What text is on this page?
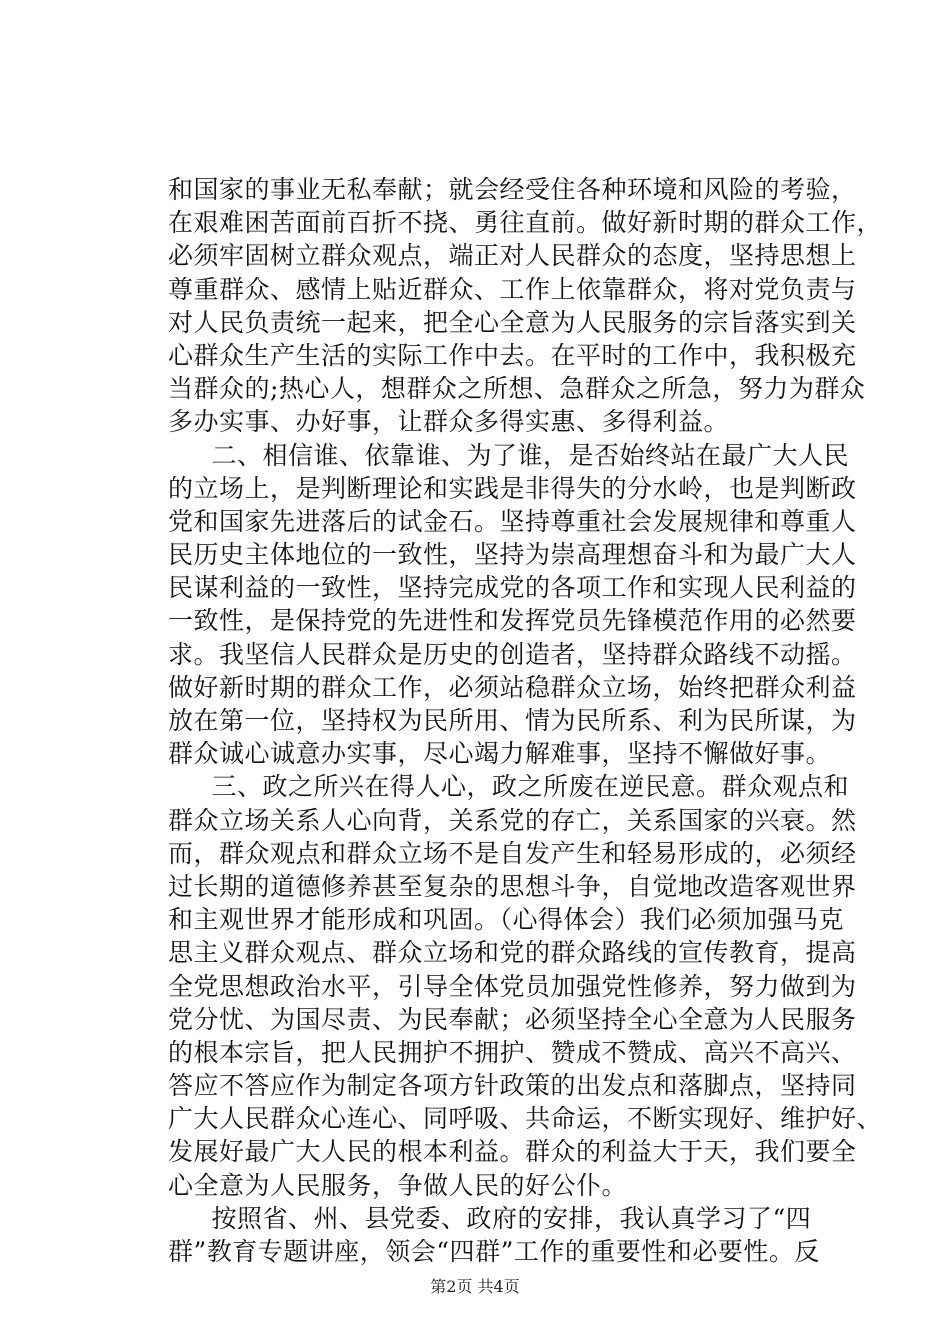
和国家的事业无私奉献；就会经受住各种环境和风险的考验，
在艰难困苦面前百折不挠、勇往直前。做好新时期的群众工作，
必须牢固树立群众观点，端正对人民群众的态度，坚持思想上
尊重群众、感情上贴近群众、工作上依靠群众，将对党负责与
对人民负责统一起来，把全心全意为人民服务的宗旨落实到关
心群众生产生活的实际工作中去。在平时的工作中，我积极充
当群众的;热心人，想群众之所想、急群众之所急，努力为群众
多办实事、办好事，让群众多得实惠、多得利益。
　二、相信谁、依靠谁、为了谁，是否始终站在最广大人民
的立场上，是判断理论和实践是非得失的分水岭，也是判断政
党和国家先进落后的试金石。坚持尊重社会发展规律和尊重人
民历史主体地位的一致性，坚持为崇高理想奋斗和为最广大人
民谋利益的一致性，坚持完成党的各项工作和实现人民利益的
一致性，是保持党的先进性和发挥党员先锋模范作用的必然要
求。我坚信人民群众是历史的创造者，坚持群众路线不动摇。
做好新时期的群众工作，必须站稳群众立场，始终把群众利益
放在第一位，坚持权为民所用、情为民所系、利为民所谋，为
群众诚心诚意办实事，尽心竭力解难事，坚持不懈做好事。
　三、政之所兴在得人心，政之所废在逆民意。群众观点和
群众立场关系人心向背，关系党的存亡，关系国家的兴衰。然
而，群众观点和群众立场不是自发产生和轻易形成的，必须经
过长期的道德修养甚至复杂的思想斗争，自觉地改造客观世界
和主观世界才能形成和巩固。（心得体会）我们必须加强马克
思主义群众观点、群众立场和党的群众路线的宣传教育，提高
全党思想政治水平，引导全体党员加强党性修养，努力做到为
党分忧、为国尽责、为民奉献；必须坚持全心全意为人民服务
的根本宗旨，把人民拥护不拥护、赞成不赞成、高兴不高兴、
答应不答应作为制定各项方针政策的出发点和落脚点，坚持同
广大人民群众心连心、同呼吸、共命运，不断实现好、维护好、
发展好最广大人民的根本利益。群众的利益大于天，我们要全
心全意为人民服务，争做人民的好公仆。
　按照省、州、县党委、政府的安排，我认真学习了“四
群”教育专题讲座，领会“四群”工作的重要性和必要性。反
第2页 共4页
